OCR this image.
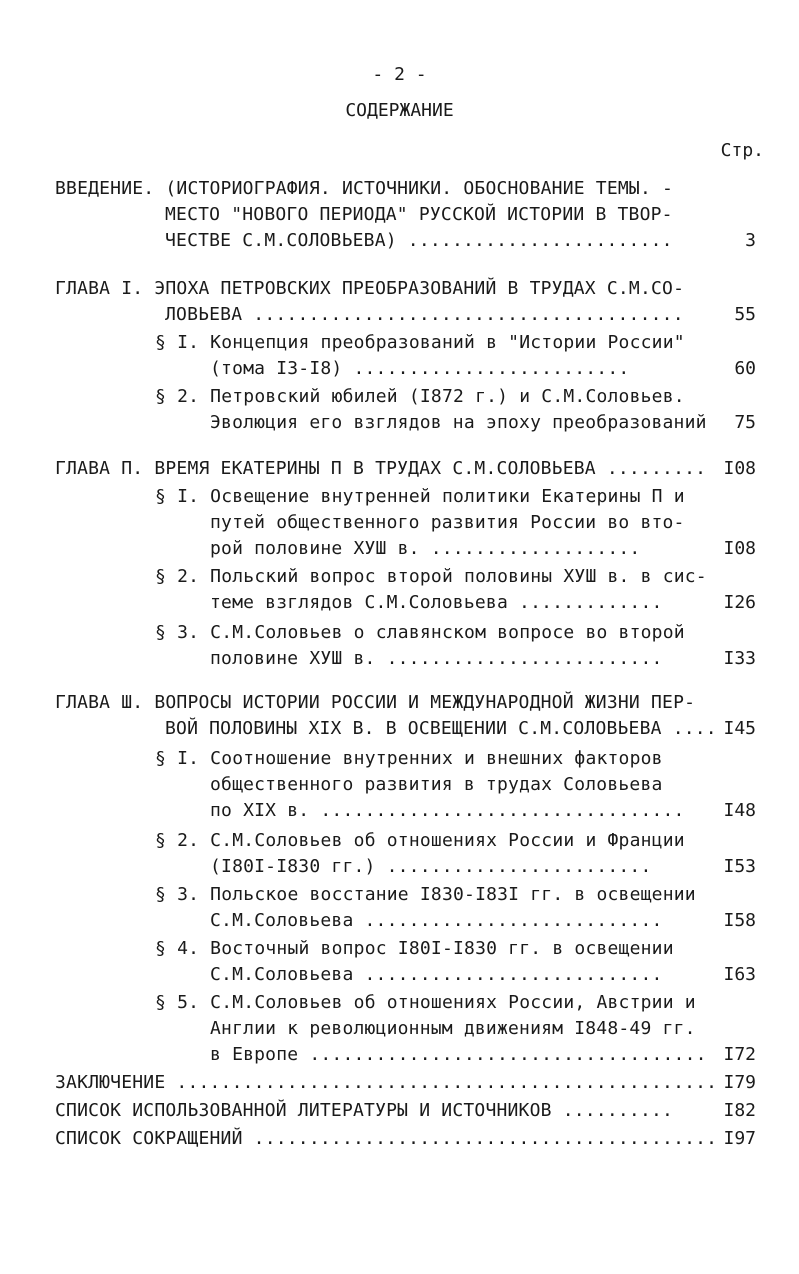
- 2 -
СОДЕРЖАНИЕ
Стр.
ВВЕДЕНИЕ. (ИСТОРИОГРАФИЯ. ИСТОЧНИКИ. ОБОСНОВАНИЕ ТЕМЫ. -
МЕСТО "НОВОГО ПЕРИОДА" РУССКОЙ ИСТОРИИ В ТВОР-
ЧЕСТВЕ С.М.СОЛОВЬЕВА) ........................	3
ГЛАВА I. ЭПОХА ПЕТРОВСКИХ ПРЕОБРАЗОВАНИЙ В ТРУДАХ С.М.СО-
ЛОВЬЕВА .......................................	55
§ I. Концепция преобразований в "Истории России"
(тома I3-I8) .........................	60
§ 2. Петровский юбилей (I872 г.) и С.М.Соловьев.
Эволюция его взглядов на эпоху преобразований	75
ГЛАВА П. ВРЕМЯ ЕКАТЕРИНЫ П В ТРУДАХ С.М.СОЛОВЬЕВА ......... I08
§ I. Освещение внутренней политики Екатерины П и
путей общественного развития России во вто-
рой половине ХУШ в. ...................	I08
§ 2. Польский вопрос второй половины ХУШ в. в сис-
теме взглядов С.М.Соловьева .............	I26
§ 3. С.М.Соловьев о славянском вопросе во второй
половине ХУШ в. .........................	I33
ГЛАВА Ш. ВОПРОСЫ ИСТОРИИ РОССИИ И МЕЖДУНАРОДНОЙ ЖИЗНИ ПЕР-
ВОЙ ПОЛОВИНЫ XIX В. В ОСВЕЩЕНИИ С.М.СОЛОВЬЕВА .... I45
§ I. Соотношение внутренних и внешних факторов
общественного развития в трудах Соловьева
по XIX в. .................................	I48
§ 2. С.М.Соловьев об отношениях России и Франции
(I80I-I830 гг.) ........................	I53
§ 3. Польское восстание I830-I83I гг. в освещении
С.М.Соловьева ...........................	I58
§ 4. Восточный вопрос I80I-I830 гг. в освещении
С.М.Соловьева ...........................	I63
§ 5. С.М.Соловьев об отношениях России, Австрии и
Англии к революционным движениям I848-49 гг.
в Европе .................................... I72
ЗАКЛЮЧЕНИЕ ................................................. I79
СПИСОК ИСПОЛЬЗОВАННОЙ ЛИТЕРАТУРЫ И ИСТОЧНИКОВ ..........	I82
СПИСОК СОКРАЩЕНИЙ .......................................... I97
